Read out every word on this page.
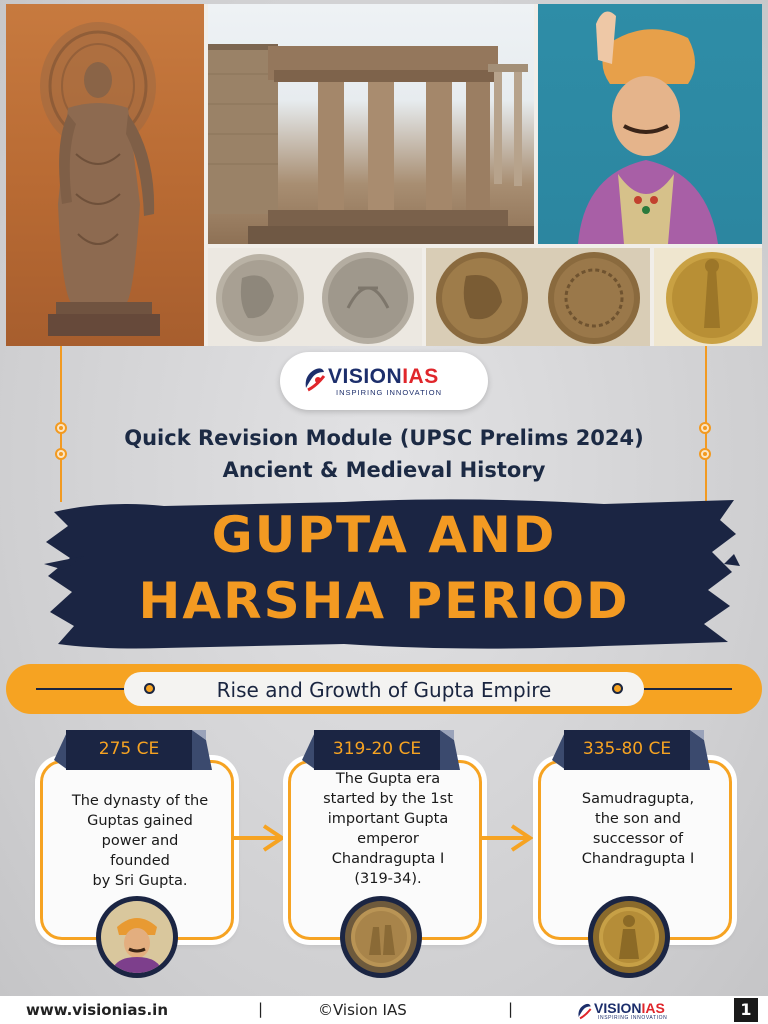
VISIONIAS
INSPIRING INNOVATION
Quick Revision Module (UPSC Prelims 2024)
Ancient & Medieval History
GUPTA AND
HARSHA PERIOD
Rise and Growth of Gupta Empire
The dynasty of the
Guptas gained
power and
founded
by Sri Gupta.
275 CE
The Gupta era
started by the 1st
important Gupta
emperor
Chandragupta I
(319-34).
319-20 CE
Samudragupta,
the son and
successor of
Chandragupta I
335-80 CE
www.visionias.in	|	©Vision IAS	|	VISIONIAS
INSPIRING INNOVATION	1
